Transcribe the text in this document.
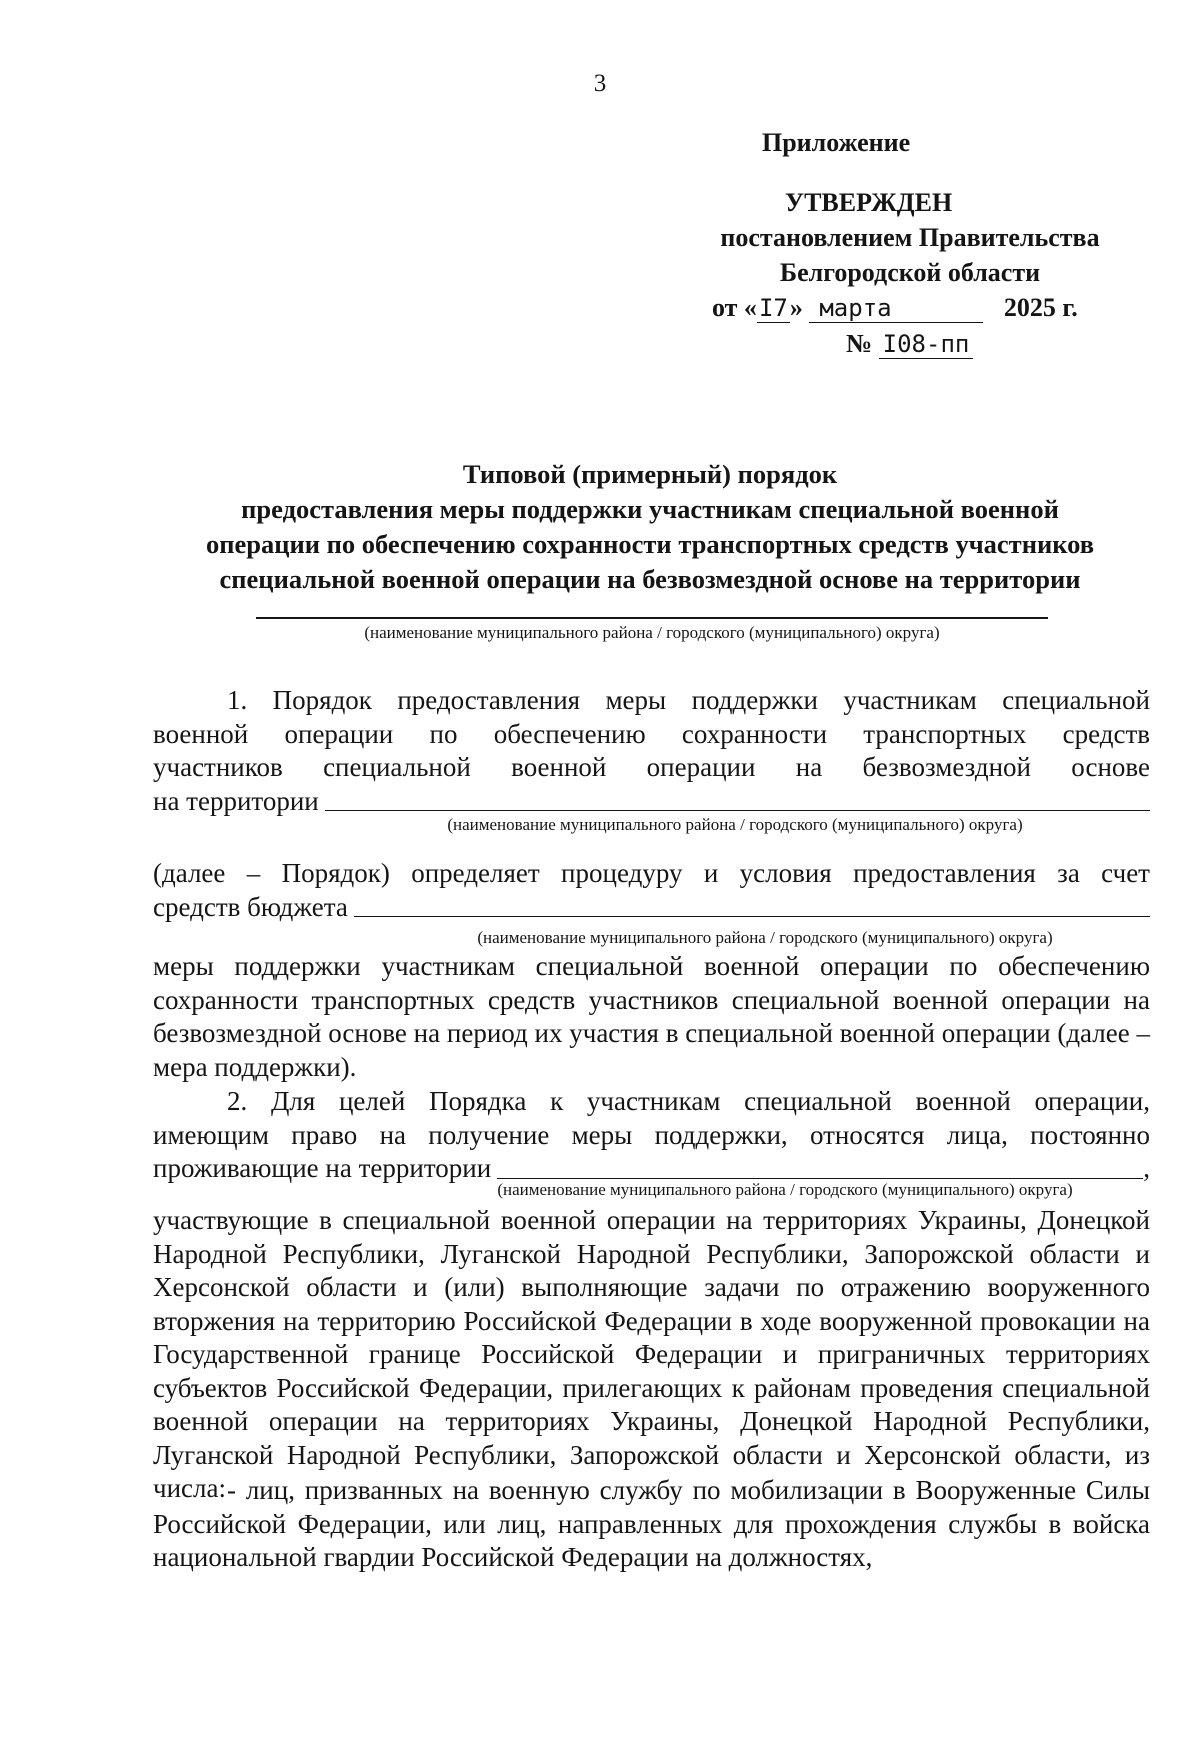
3
Приложение
УТВЕРЖДЕН
постановлением Правительства
Белгородской области
от «I7» марта	2025 г.
№ I08-пп
Типовой (примерный) порядок
предоставления меры поддержки участникам специальной военной
операции по обеспечению сохранности транспортных средств участников
специальной военной операции на безвозмездной основе на территории
(наименование муниципального района / городского (муниципального) округа)

1. Порядок предоставления меры поддержки участникам специальной

военной операции по обеспечению сохранности транспортных средств

участников специальной военной операции на безвозмездной основе

на территории
(наименование муниципального района / городского (муниципального) округа)

(далее – Порядок) определяет процедуру и условия предоставления за счет

средств бюджета
(наименование муниципального района / городского (муниципального) округа)

меры поддержки участникам специальной военной операции по обеспечению сохранности транспортных средств участников специальной военной операции на безвозмездной основе на период их участия в специальной военной операции (далее – мера поддержки).

2. Для целей Порядка к участникам специальной военной операции,

имеющим право на получение меры поддержки, относятся лица, постоянно

проживающие на территории	,
(наименование муниципального района / городского (муниципального) округа)

участвующие в специальной военной операции на территориях Украины, Донецкой Народной Республики, Луганской Народной Республики, Запорожской области и Херсонской области и (или) выполняющие задачи по отражению вооруженного вторжения на территорию Российской Федерации в ходе вооруженной провокации на Государственной границе Российской Федерации и приграничных территориях субъектов Российской Федерации, прилегающих к районам проведения специальной военной операции на территориях Украины, Донецкой Народной Республики, Луганской Народной Республики, Запорожской области и Херсонской области, из числа: - лиц, призванных на военную службу по мобилизации в Вооруженные Силы Российской Федерации, или лиц, направленных для прохождения службы в войска национальной гвардии Российской Федерации на должностях,
